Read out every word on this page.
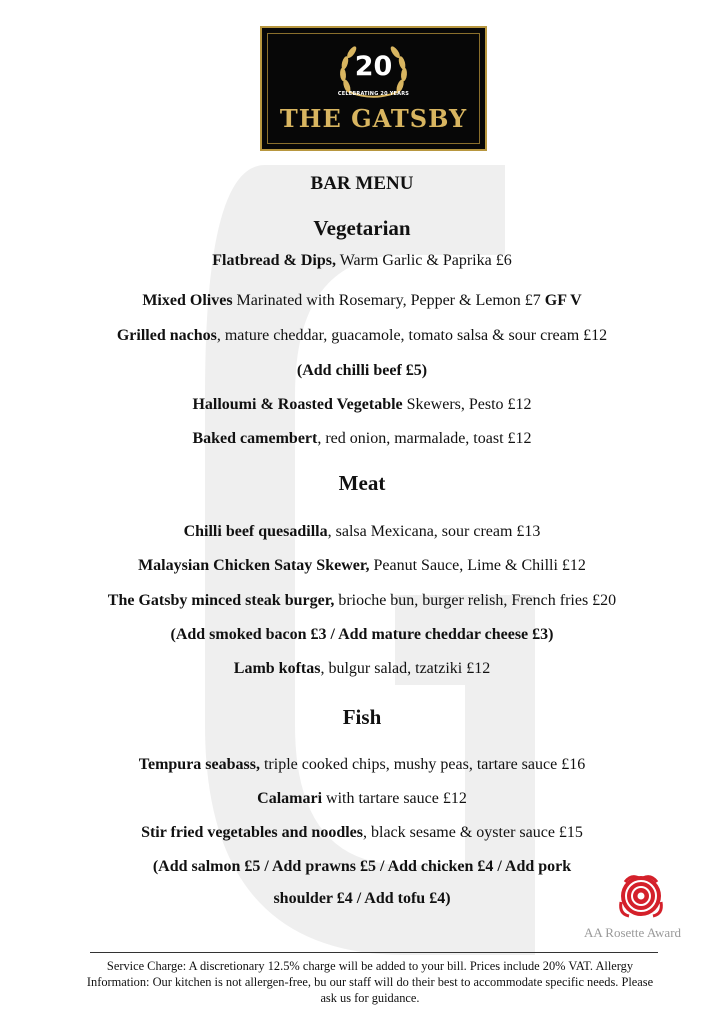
20
CELEBRATING 20 YEARS
THE GATSBY
BAR MENU
Vegetarian
Flatbread & Dips, Warm Garlic & Paprika £6
Mixed Olives Marinated with Rosemary, Pepper & Lemon £7 GF V
Grilled nachos, mature cheddar, guacamole, tomato salsa & sour cream £12
(Add chilli beef £5)
Halloumi & Roasted Vegetable Skewers, Pesto £12
Baked camembert, red onion, marmalade, toast £12
Meat
Chilli beef quesadilla, salsa Mexicana, sour cream £13
Malaysian Chicken Satay Skewer, Peanut Sauce, Lime & Chilli £12
The Gatsby minced steak burger, brioche bun, burger relish, French fries £20
(Add smoked bacon £3 / Add mature cheddar cheese £3)
Lamb koftas, bulgur salad, tzatziki £12
Fish
Tempura seabass, triple cooked chips, mushy peas, tartare sauce £16
Calamari with tartare sauce £12
Stir fried vegetables and noodles, black sesame & oyster sauce £15
(Add salmon £5 / Add prawns £5 / Add chicken £4 / Add pork
shoulder £4 / Add tofu £4)
AA Rosette Award
Service Charge: A discretionary 12.5% charge will be added to your bill. Prices include 20% VAT. Allergy
Information: Our kitchen is not allergen-free, bu our staff will do their best to accommodate specific needs. Please
ask us for guidance.
